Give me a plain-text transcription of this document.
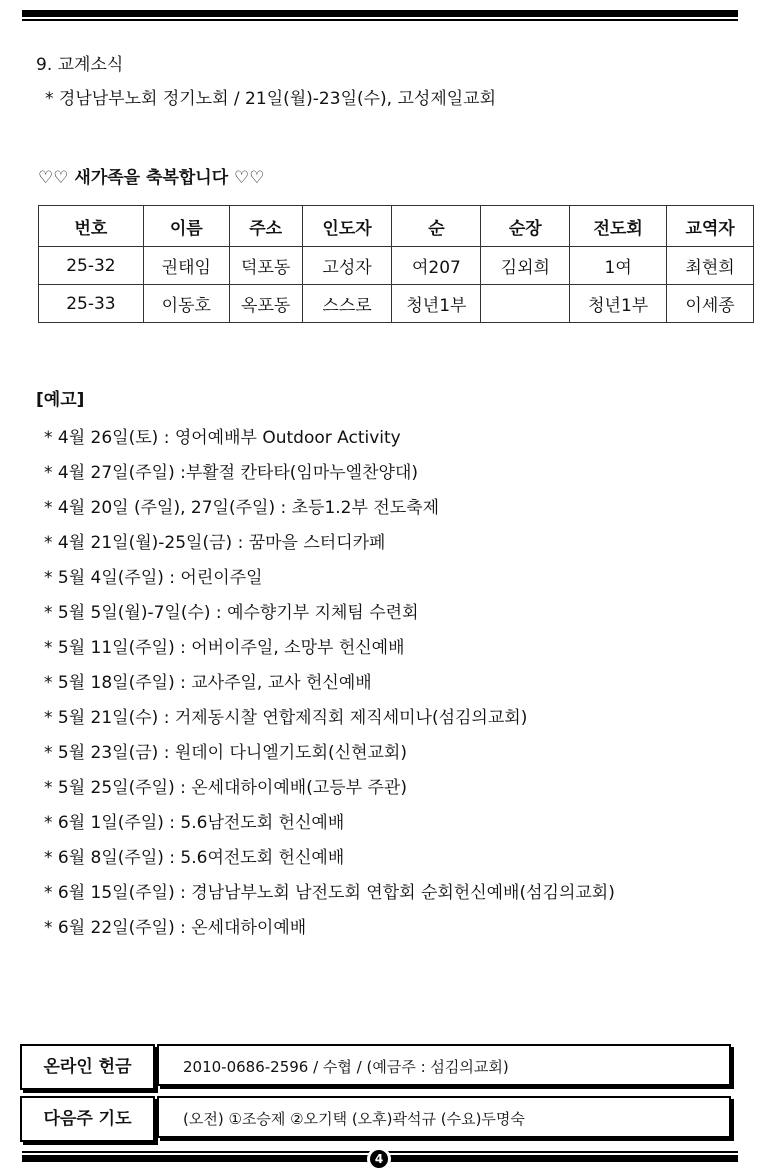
9. 교계소식
* 경남남부노회 정기노회 / 21일(월)-23일(수), 고성제일교회
♡♡ 새가족을 축복합니다 ♡♡
번호	이름	주소	인도자	순	순장	전도회	교역자
25-32	권태임	덕포동	고성자	여207	김외희	1여	최현희
25-33	이동호	옥포동	스스로	청년1부		청년1부	이세종
[예고]
* 4월 26일(토) : 영어예배부 Outdoor Activity
* 4월 27일(주일) :부활절 칸타타(임마누엘찬양대)
* 4월 20일 (주일), 27일(주일) : 초등1.2부 전도축제
* 4월 21일(월)-25일(금) : 꿈마을 스터디카페
* 5월 4일(주일) : 어린이주일
* 5월 5일(월)-7일(수) : 예수향기부 지체팀 수련회
* 5월 11일(주일) : 어버이주일, 소망부 헌신예배
* 5월 18일(주일) : 교사주일, 교사 헌신예배
* 5월 21일(수) : 거제동시찰 연합제직회 제직세미나(섬김의교회)
* 5월 23일(금) : 원데이 다니엘기도회(신현교회)
* 5월 25일(주일) : 온세대하이예배(고등부 주관)
* 6월 1일(주일) : 5.6남전도회 헌신예배
* 6월 8일(주일) : 5.6여전도회 헌신예배
* 6월 15일(주일) : 경남남부노회 남전도회 연합회 순회헌신예배(섬김의교회)
* 6월 22일(주일) : 온세대하이예배
온라인 헌금	2010-0686-2596 / 수협 / (예금주 : 섬김의교회)
다음주 기도	(오전) ①조승제 ②오기택 (오후)곽석규 (수요)두명숙
4
